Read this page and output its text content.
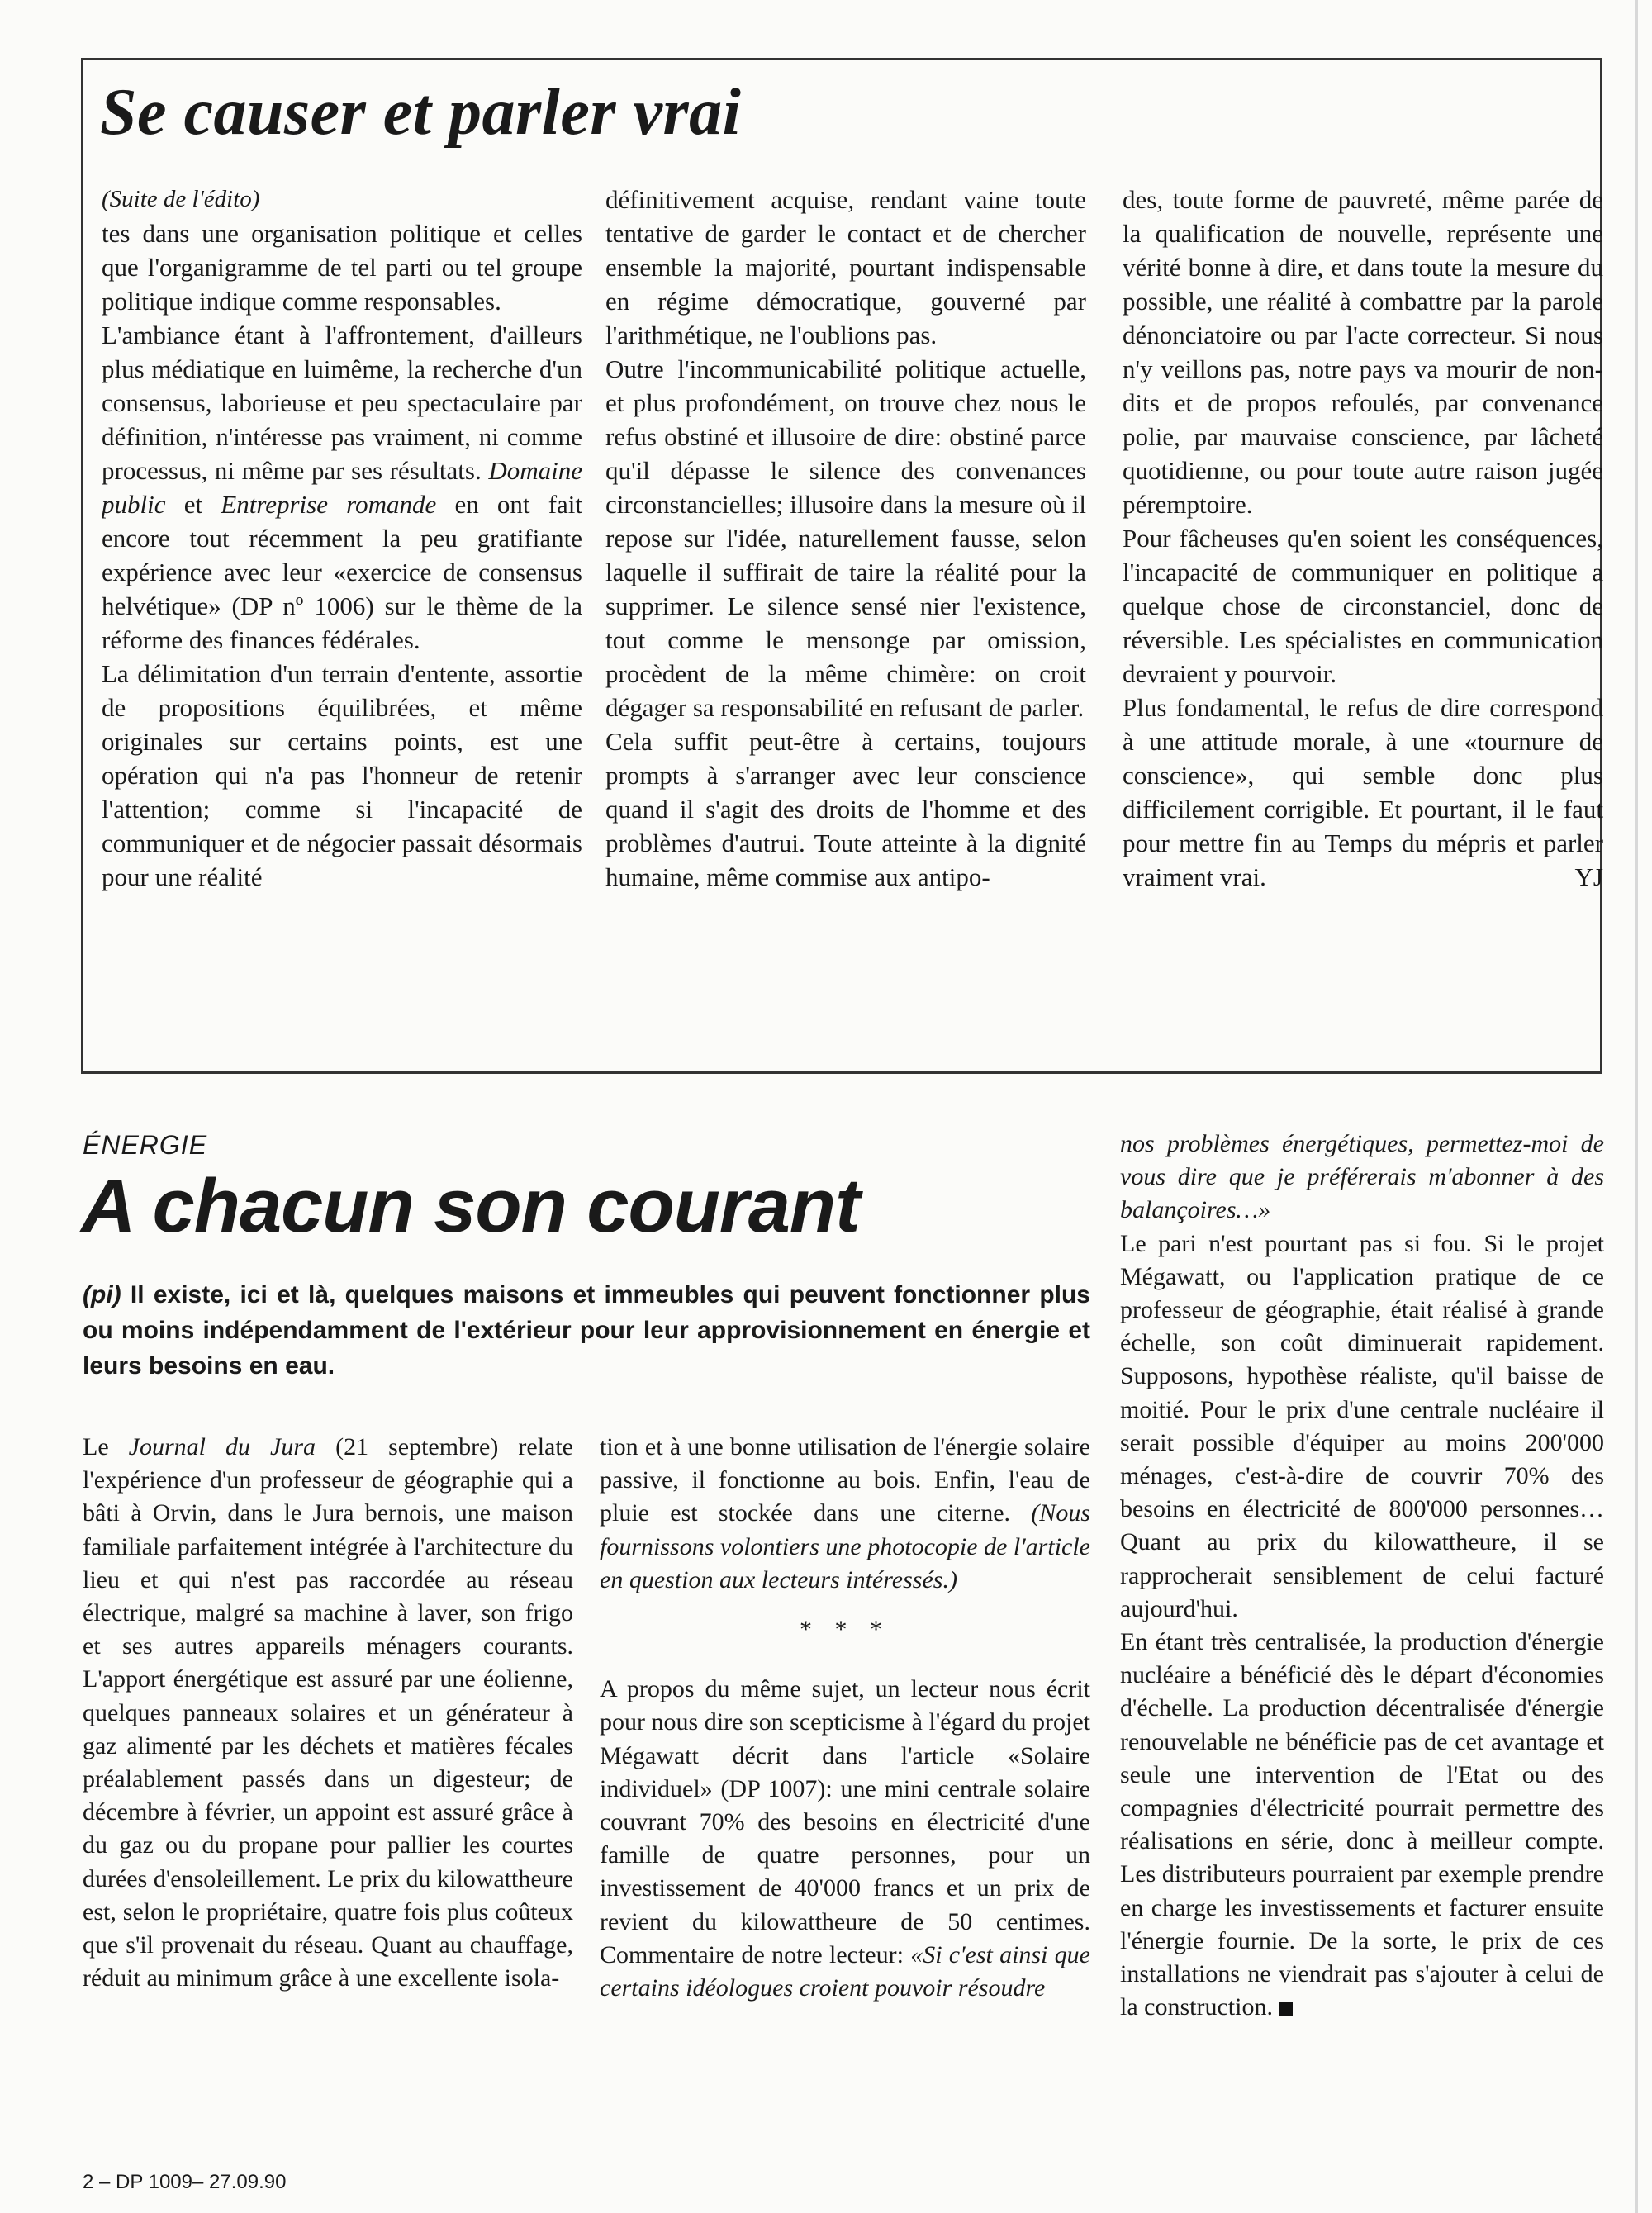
Se causer et parler vrai

(Suite de l'édito)

tes dans une organisation politique et celles que l'organigramme de tel parti ou tel groupe politique indique comme responsables.

L'ambiance étant à l'affrontement, d'ailleurs plus médiatique en luimême, la recherche d'un consensus, laborieuse et peu spectaculaire par définition, n'intéresse pas vraiment, ni comme processus, ni même par ses résultats. Domaine public et Entreprise romande en ont fait encore tout récemment la peu gratifiante expérience avec leur «exercice de consensus helvétique» (DP nº 1006) sur le thème de la réforme des finances fédérales.

La délimitation d'un terrain d'entente, assortie de propositions équilibrées, et même originales sur certains points, est une opération qui n'a pas l'honneur de retenir l'attention; comme si l'incapacité de communiquer et de négocier passait désormais pour une réalité

définitivement acquise, rendant vaine toute tentative de garder le contact et de chercher ensemble la majorité, pourtant indispensable en régime démocratique, gouverné par l'arithmétique, ne l'oublions pas.

Outre l'incommunicabilité politique actuelle, et plus profondément, on trouve chez nous le refus obstiné et illusoire de dire: obstiné parce qu'il dépasse le silence des convenances circonstancielles; illusoire dans la mesure où il repose sur l'idée, naturellement fausse, selon laquelle il suffirait de taire la réalité pour la supprimer. Le silence sensé nier l'existence, tout comme le mensonge par omission, procèdent de la même chimère: on croit dégager sa responsabilité en refusant de parler.

Cela suffit peut-être à certains, toujours prompts à s'arranger avec leur conscience quand il s'agit des droits de l'homme et des problèmes d'autrui. Toute atteinte à la dignité humaine, même commise aux antipo-

des, toute forme de pauvreté, même parée de la qualification de nouvelle, représente une vérité bonne à dire, et dans toute la mesure du possible, une réalité à combattre par la parole dénonciatoire ou par l'acte correcteur. Si nous n'y veillons pas, notre pays va mourir de non-dits et de propos refoulés, par convenance polie, par mauvaise conscience, par lâcheté quotidienne, ou pour toute autre raison jugée péremptoire.

Pour fâcheuses qu'en soient les conséquences, l'incapacité de communiquer en politique a quelque chose de circonstanciel, donc de réversible. Les spécialistes en communication devraient y pourvoir.

Plus fondamental, le refus de dire correspond à une attitude morale, à une «tournure de conscience», qui semble donc plus difficilement corrigible. Et pourtant, il le faut pour mettre fin au Temps du mépris et parler vraiment vrai.	YJ

ÉNERGIE

A chacun son courant

(pi) Il existe, ici et là, quelques maisons et immeubles qui peuvent fonctionner plus ou moins indépendamment de l'extérieur pour leur approvisionnement en énergie et leurs besoins en eau.

Le Journal du Jura (21 septembre) relate l'expérience d'un professeur de géographie qui a bâti à Orvin, dans le Jura bernois, une maison familiale parfaitement intégrée à l'architecture du lieu et qui n'est pas raccordée au réseau électrique, malgré sa machine à laver, son frigo et ses autres appareils ménagers courants. L'apport énergétique est assuré par une éolienne, quelques panneaux solaires et un générateur à gaz alimenté par les déchets et matières fécales préalablement passés dans un digesteur; de décembre à février, un appoint est assuré grâce à du gaz ou du propane pour pallier les courtes durées d'ensoleillement. Le prix du kilowattheure est, selon le propriétaire, quatre fois plus coûteux que s'il provenait du réseau. Quant au chauffage, réduit au minimum grâce à une excellente isola-

tion et à une bonne utilisation de l'énergie solaire passive, il fonctionne au bois. Enfin, l'eau de pluie est stockée dans une citerne. (Nous fournissons volontiers une photocopie de l'article en question aux lecteurs intéressés.)

* * *

A propos du même sujet, un lecteur nous écrit pour nous dire son scepticisme à l'égard du projet Mégawatt décrit dans l'article «Solaire individuel» (DP 1007): une mini centrale solaire couvrant 70% des besoins en électricité d'une famille de quatre personnes, pour un investissement de 40'000 francs et un prix de revient du kilowattheure de 50 centimes. Commentaire de notre lecteur: «Si c'est ainsi que certains idéologues croient pouvoir résoudre

nos problèmes énergétiques, permettez-moi de vous dire que je préférerais m'abonner à des balançoires…»

Le pari n'est pourtant pas si fou. Si le projet Mégawatt, ou l'application pratique de ce professeur de géographie, était réalisé à grande échelle, son coût diminuerait rapidement. Supposons, hypothèse réaliste, qu'il baisse de moitié. Pour le prix d'une centrale nucléaire il serait possible d'équiper au moins 200'000 ménages, c'est-à-dire de couvrir 70% des besoins en électricité de 800'000 personnes… Quant au prix du kilowattheure, il se rapprocherait sensiblement de celui facturé aujourd'hui.

En étant très centralisée, la production d'énergie nucléaire a bénéficié dès le départ d'économies d'échelle. La production décentralisée d'énergie renouvelable ne bénéficie pas de cet avantage et seule une intervention de l'Etat ou des compagnies d'électricité pourrait permettre des réalisations en série, donc à meilleur compte. Les distributeurs pourraient par exemple prendre en charge les investissements et facturer ensuite l'énergie fournie. De la sorte, le prix de ces installations ne viendrait pas s'ajouter à celui de la construction.

2 – DP 1009– 27.09.90
